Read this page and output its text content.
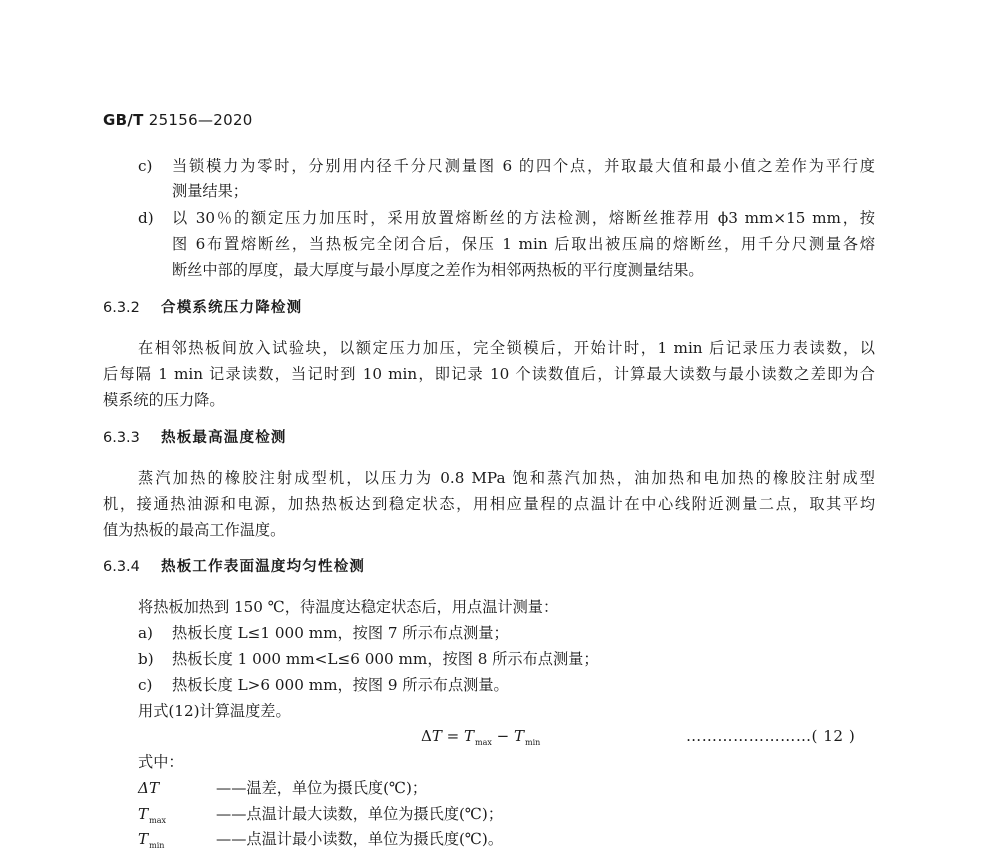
GB/T 25156—2020
c) 当锁模力为零时，分别用内径千分尺测量图 6 的四个点，并取最大值和最小值之差作为平行度
测量结果；
d) 以 30％的额定压力加压时，采用放置熔断丝的方法检测，熔断丝推荐用 ϕ3 mm×15 mm，按
图 6布置熔断丝，当热板完全闭合后，保压 1 min 后取出被压扁的熔断丝，用千分尺测量各熔
断丝中部的厚度，最大厚度与最小厚度之差作为相邻两热板的平行度测量结果。
6.3.2 合模系统压力降检测
在相邻热板间放入试验块，以额定压力加压，完全锁模后，开始计时，1 min 后记录压力表读数，以
后每隔 1 min 记录读数，当记时到 10 min，即记录 10 个读数值后，计算最大读数与最小读数之差即为合
模系统的压力降。
6.3.3 热板最高温度检测
蒸汽加热的橡胶注射成型机，以压力为 0.8 MPa 饱和蒸汽加热，油加热和电加热的橡胶注射成型
机，接通热油源和电源，加热热板达到稳定状态，用相应量程的点温计在中心线附近测量二点，取其平均
值为热板的最高工作温度。
6.3.4 热板工作表面温度均匀性检测
将热板加热到 150 ℃，待温度达稳定状态后，用点温计测量：
a) 热板长度 L≤1 000 mm，按图 7 所示布点测量；
b) 热板长度 1 000 mm<L≤6 000 mm，按图 8 所示布点测量；
c) 热板长度 L>6 000 mm，按图 9 所示布点测量。
用式(12)计算温度差。
$\Delta T = T_{max} - T_{min}$	……………………( 12 )
式中：
ΔT	——温差，单位为摄氏度(℃)；
$T_{max}$	——点温计最大读数，单位为摄氏度(℃)；
$T_{min}$	——点温计最小读数，单位为摄氏度(℃)。
